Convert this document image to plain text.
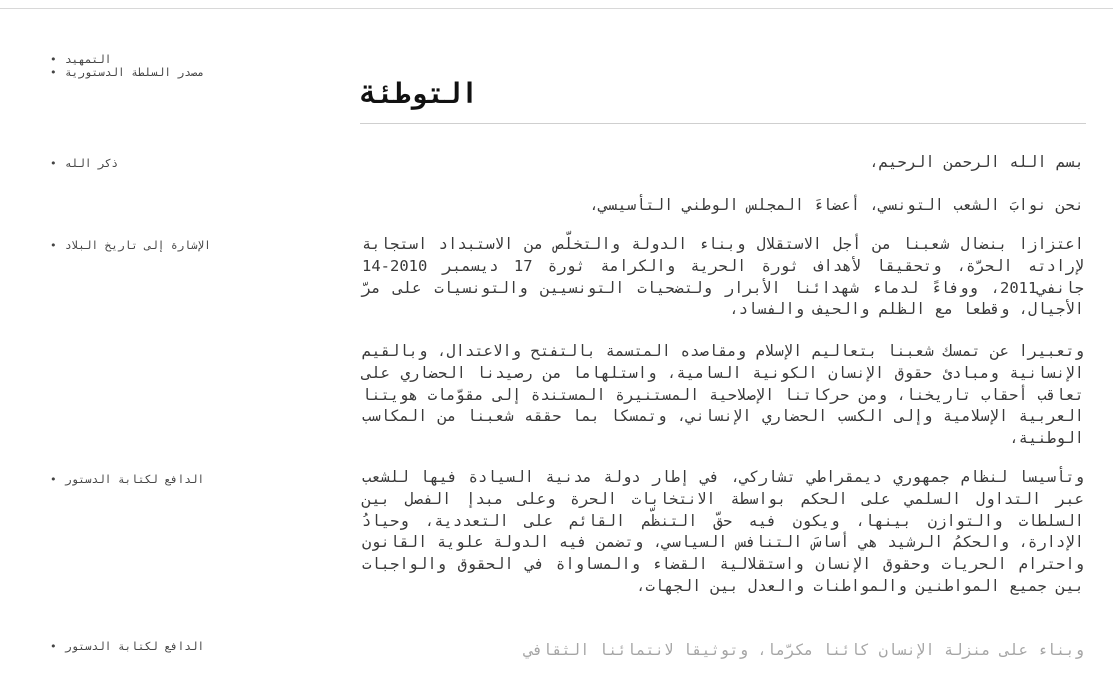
• التمهيد
• مصدر السلطة الدستورية
التوطئة
• ذكر الله
• الإشارة إلى تاريخ البلاد
• الدافع لكتابة الدستور
• الدافع لكتابة الدستور

بسم الله الرحمن الرحيم،

نحن نوابَ الشعب التونسي، أعضاءَ المجلس الوطني التأسيسي،

اعتزازا بنضال شعبنا من أجل الاستقلال وبناء الدولة والتخلّص من الاستبداد استجابة لإرادته الحرّة، وتحقيقا لأهداف ثورة الحرية والكرامة ثورة 17 ديسمبر 2010-14 جانفي2011، ووفاءً لدماء شهدائنا الأبرار ولتضحيات التونسيين والتونسيات على مرّ الأجيال، وقطعا مع الظلم والحيف والفساد،

وتعبيرا عن تمسك شعبنا بتعاليم الإسلام ومقاصده المتسمة بالتفتح والاعتدال، وبالقيم الإنسانية ومبادئ حقوق الإنسان الكونية السامية، واستلهاما من رصيدنا الحضاري على تعاقب أحقاب تاريخنا، ومن حركاتنا الإصلاحية المستنيرة المستندة إلى مقوّمات هويتنا العربية الإسلامية وإلى الكسب الحضاري الإنساني، وتمسكا بما حققه شعبنا من المكاسب الوطنية،

وتأسيسا لنظام جمهوري ديمقراطي تشاركي، في إطار دولة مدنية السيادة فيها للشعب عبر التداول السلمي على الحكم بواسطة الانتخابات الحرة وعلى مبدإ الفصل بين السلطات والتوازن بينها، ويكون فيه حقّ التنظّم القائم على التعددية، وحيادُ الإدارة، والحكمُ الرشيد هي أساسَ التنافس السياسي، وتضمن فيه الدولة علوية القانون واحترام الحريات وحقوق الإنسان واستقلالية القضاء والمساواة في الحقوق والواجبات بين جميع المواطنين والمواطنات والعدل بين الجهات،

وبناء على منزلة الإنسان كائنا مكرّما، وتوثيقا لانتمائنا الثقافي
